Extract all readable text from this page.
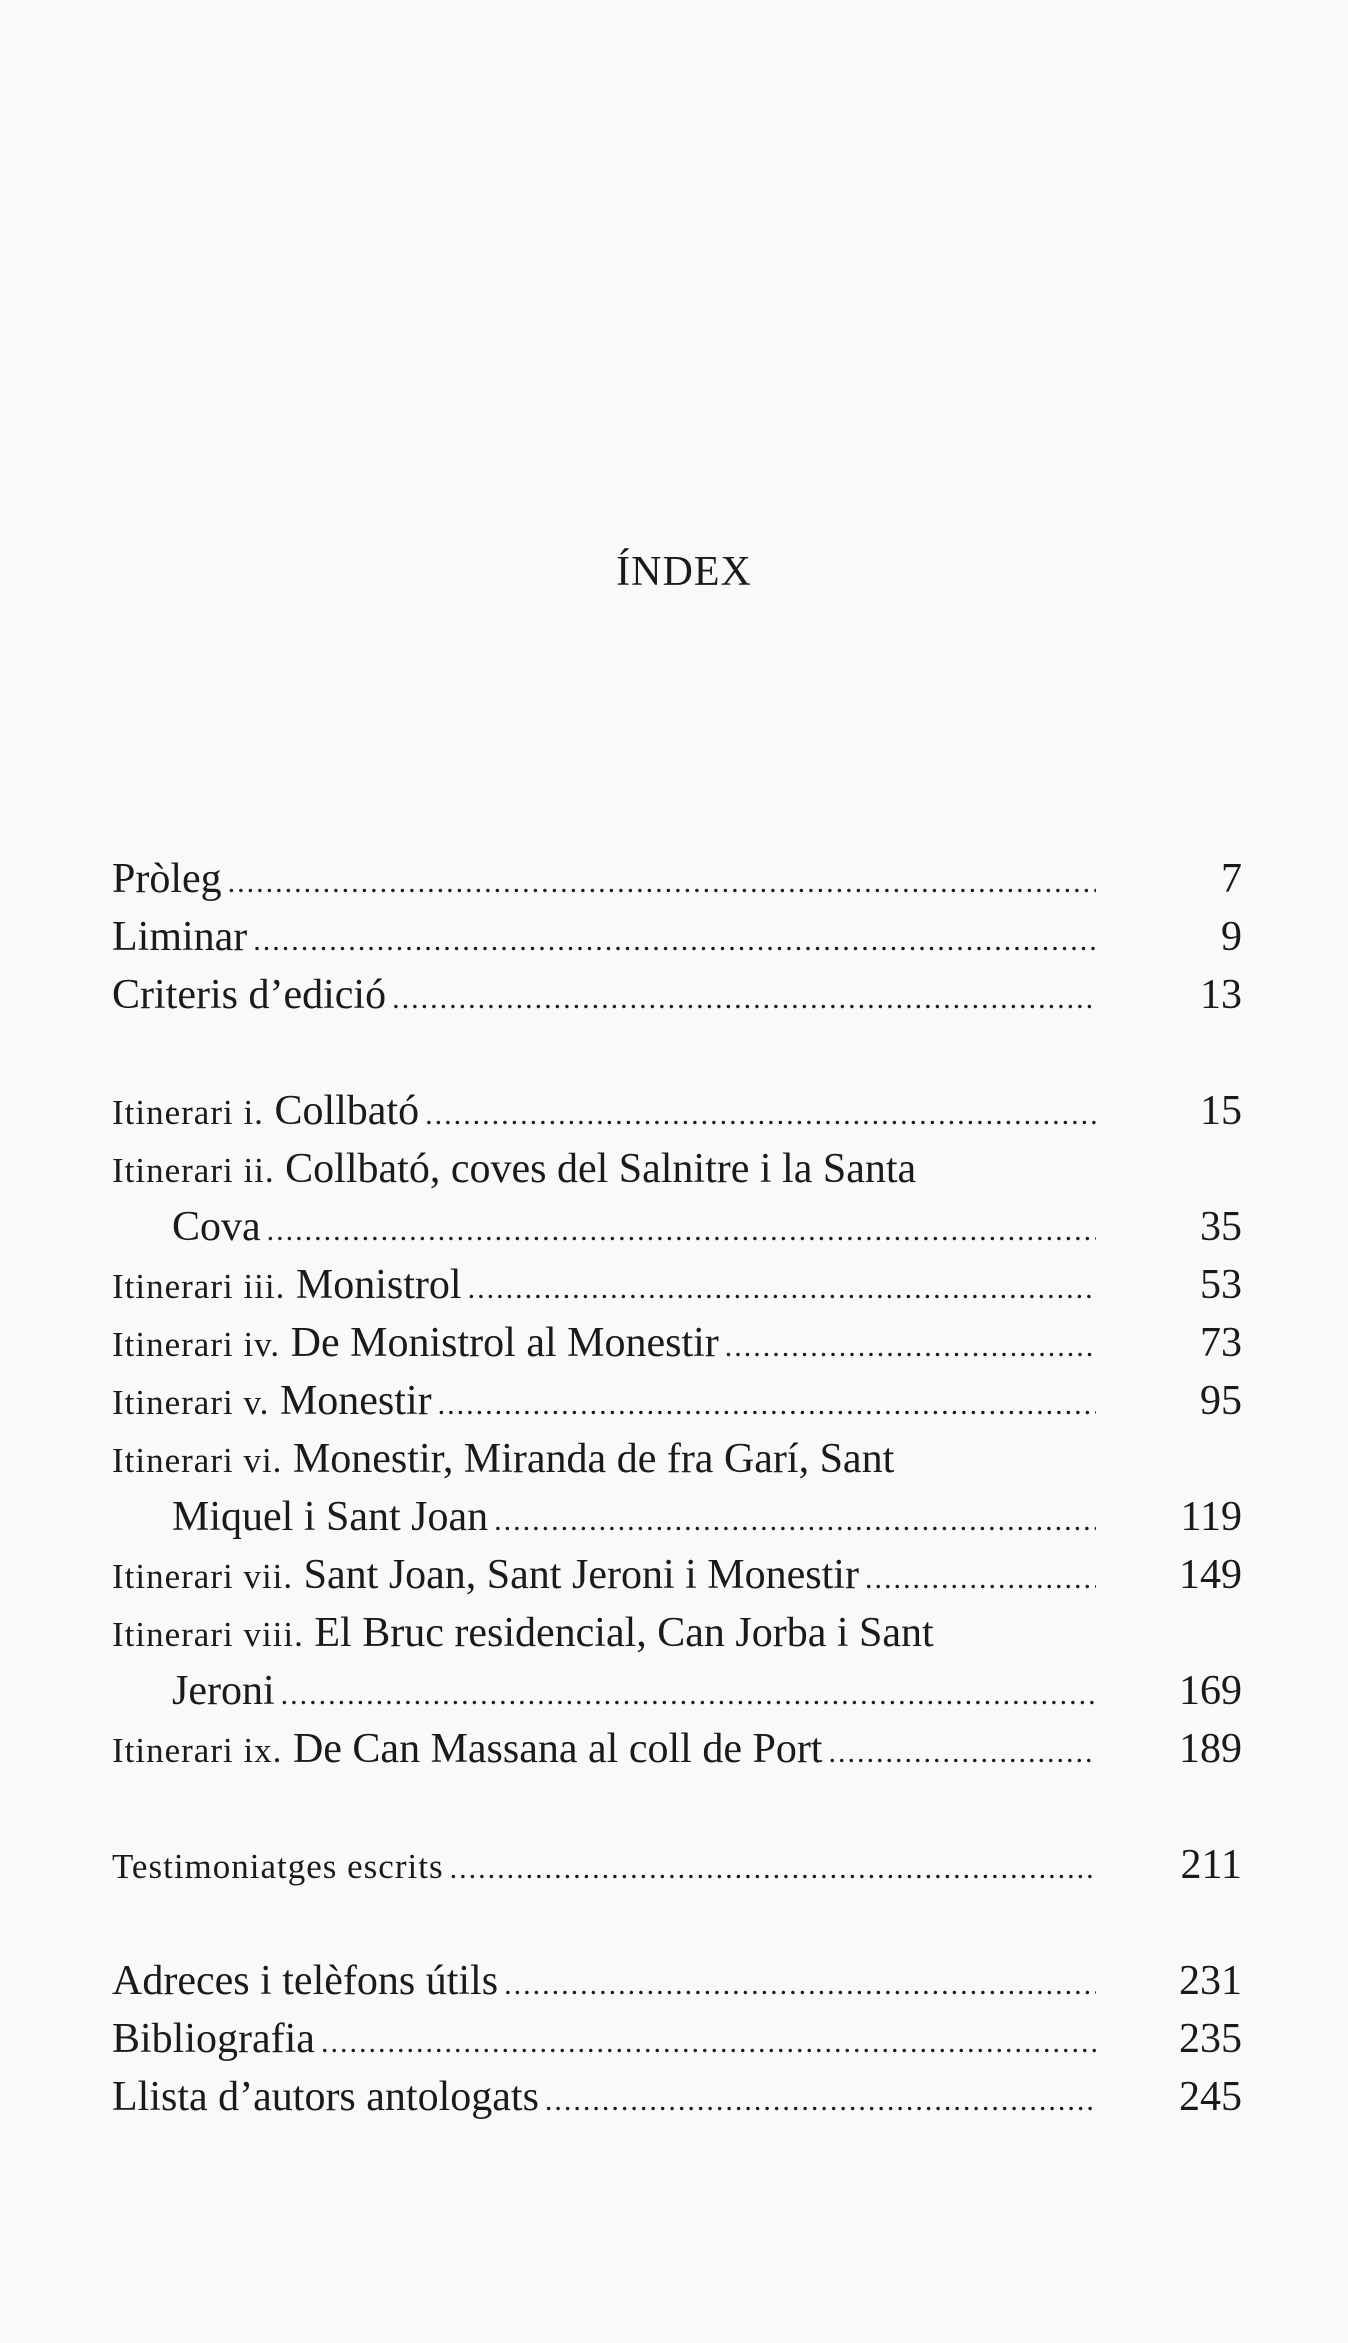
ÍNDEX
Pròleg .....	7
Liminar .....	9
Criteris d’edició .....	13
Itinerari i. Collbató .....	15
Itinerari ii. Collbató, coves del Salnitre i la Santa
Cova .....	35
Itinerari iii. Monistrol .....	53
Itinerari iv. De Monistrol al Monestir .....	73
Itinerari v. Monestir .....	95
Itinerari vi. Monestir, Miranda de fra Garí, Sant
Miquel i Sant Joan .....	119
Itinerari vii. Sant Joan, Sant Jeroni i Monestir .....	149
Itinerari viii. El Bruc residencial, Can Jorba i Sant
Jeroni .....	169
Itinerari ix. De Can Massana al coll de Port .....	189
Testimoniatges escrits .....	211
Adreces i telèfons útils .....	231
Bibliografia .....	235
Llista d’autors antologats .....	245
